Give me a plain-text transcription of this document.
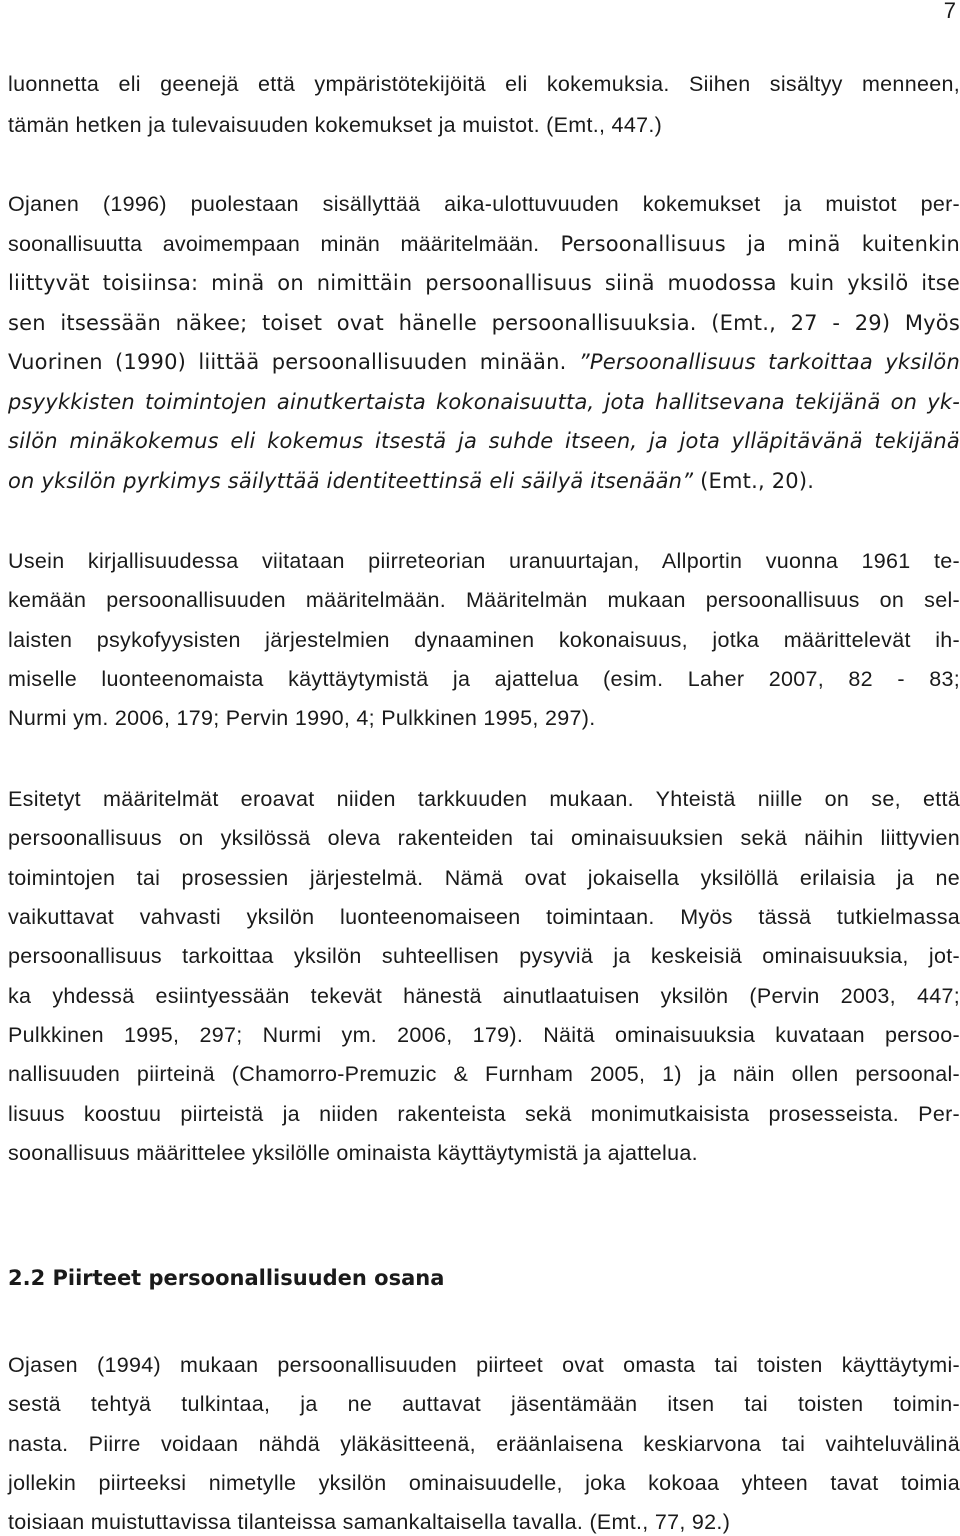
7
luonnetta eli geenejä että ympäristötekijöitä eli kokemuksia. Siihen sisältyy menneen,
tämän hetken ja tulevaisuuden kokemukset ja muistot. (Emt., 447.)
Ojanen (1996) puolestaan sisällyttää aika-ulottuvuuden kokemukset ja muistot per-
soonallisuutta avoimempaan minän määritelmään. Persoonallisuus ja minä kuitenkin
liittyvät toisiinsa: minä on nimittäin persoonallisuus siinä muodossa kuin yksilö itse
sen itsessään näkee; toiset ovat hänelle persoonallisuuksia. (Emt., 27 - 29) Myös
Vuorinen (1990) liittää persoonallisuuden minään. ”Persoonallisuus tarkoittaa yksilön
psyykkisten toimintojen ainutkertaista kokonaisuutta, jota hallitsevana tekijänä on yk-
silön minäkokemus eli kokemus itsestä ja suhde itseen, ja jota ylläpitävänä tekijänä
on yksilön pyrkimys säilyttää identiteettinsä eli säilyä itsenään” (Emt., 20).
Usein kirjallisuudessa viitataan piirreteorian uranuurtajan, Allportin vuonna 1961 te-
kemään persoonallisuuden määritelmään. Määritelmän mukaan persoonallisuus on sel-
laisten psykofyysisten järjestelmien dynaaminen kokonaisuus, jotka määrittelevät ih-
miselle luonteenomaista käyttäytymistä ja ajattelua (esim. Laher 2007, 82 - 83;
Nurmi ym. 2006, 179; Pervin 1990, 4; Pulkkinen 1995, 297).
Esitetyt määritelmät eroavat niiden tarkkuuden mukaan. Yhteistä niille on se, että
persoonallisuus on yksilössä oleva rakenteiden tai ominaisuuksien sekä näihin liittyvien
toimintojen tai prosessien järjestelmä. Nämä ovat jokaisella yksilöllä erilaisia ja ne
vaikuttavat vahvasti yksilön luonteenomaiseen toimintaan. Myös tässä tutkielmassa
persoonallisuus tarkoittaa yksilön suhteellisen pysyviä ja keskeisiä ominaisuuksia, jot-
ka yhdessä esiintyessään tekevät hänestä ainutlaatuisen yksilön (Pervin 2003, 447;
Pulkkinen 1995, 297; Nurmi ym. 2006, 179). Näitä ominaisuuksia kuvataan persoo-
nallisuuden piirteinä (Chamorro-Premuzic & Furnham 2005, 1) ja näin ollen persoonal-
lisuus koostuu piirteistä ja niiden rakenteista sekä monimutkaisista prosesseista. Per-
soonallisuus määrittelee yksilölle ominaista käyttäytymistä ja ajattelua.
2.2 Piirteet persoonallisuuden osana
Ojasen (1994) mukaan persoonallisuuden piirteet ovat omasta tai toisten käyttäytymi-
sestä tehtyä tulkintaa, ja ne auttavat jäsentämään itsen tai toisten toimin-
nasta. Piirre voidaan nähdä yläkäsitteenä, eräänlaisena keskiarvona tai vaihteluvälinä
jollekin piirteeksi nimetylle yksilön ominaisuudelle, joka kokoaa yhteen tavat toimia
toisiaan muistuttavissa tilanteissa samankaltaisella tavalla. (Emt., 77, 92.)
